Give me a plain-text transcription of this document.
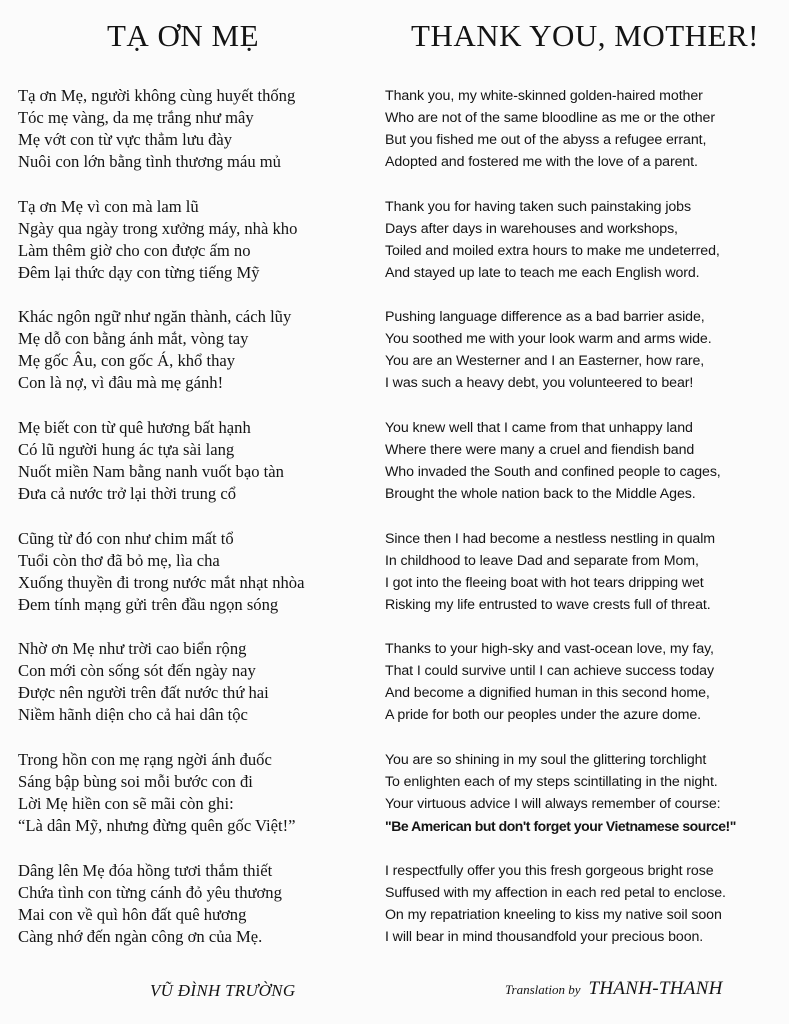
TẠ ƠN MẸ
Tạ ơn Mẹ, người không cùng huyết thống
Tóc mẹ vàng, da mẹ trắng như mây
Mẹ vớt con từ vực thẳm lưu đày
Nuôi con lớn bằng tình thương máu mủ
Tạ ơn Mẹ vì con mà lam lũ
Ngày qua ngày trong xưởng máy, nhà kho
Làm thêm giờ cho con được ấm no
Đêm lại thức dạy con từng tiếng Mỹ
Khác ngôn ngữ như ngăn thành, cách lũy
Mẹ dỗ con bằng ánh mắt, vòng tay
Mẹ gốc Âu, con gốc Á, khổ thay
Con là nợ, vì đâu mà mẹ gánh!
Mẹ biết con từ quê hương bất hạnh
Có lũ người hung ác tựa sài lang
Nuốt miền Nam bằng nanh vuốt bạo tàn
Đưa cả nước trở lại thời trung cổ
Cũng từ đó con như chim mất tổ
Tuổi còn thơ đã bỏ mẹ, lìa cha
Xuống thuyền đi trong nước mắt nhạt nhòa
Đem tính mạng gửi trên đầu ngọn sóng
Nhờ ơn Mẹ như trời cao biển rộng
Con mới còn sống sót đến ngày nay
Được nên người trên đất nước thứ hai
Niềm hãnh diện cho cả hai dân tộc
Trong hồn con mẹ rạng ngời ánh đuốc
Sáng bập bùng soi mỗi bước con đi
Lời Mẹ hiền con sẽ mãi còn ghi:
“Là dân Mỹ, nhưng đừng quên gốc Việt!”
Dâng lên Mẹ đóa hồng tươi thắm thiết
Chứa tình con từng cánh đỏ yêu thương
Mai con về quì hôn đất quê hương
Càng nhớ đến ngàn công ơn của Mẹ.
THANK YOU, MOTHER!
Thank you, my white-skinned golden-haired mother
Who are not of the same bloodline as me or the other
But you fished me out of the abyss a refugee errant,
Adopted and fostered me with the love of a parent.
Thank you for having taken such painstaking jobs
Days after days in warehouses and workshops,
Toiled and moiled extra hours to make me undeterred,
And stayed up late to teach me each English word.
Pushing language difference as a bad barrier aside,
You soothed me with your look warm and arms wide.
You are an Westerner and I an Easterner, how rare,
I was such a heavy debt, you volunteered to bear!
You knew well that I came from that unhappy land
Where there were many a cruel and fiendish band
Who invaded the South and confined people to cages,
Brought the whole nation back to the Middle Ages.
Since then I had become a nestless nestling in qualm
In childhood to leave Dad and separate from Mom,
I got into the fleeing boat with hot tears dripping wet
Risking my life entrusted to wave crests full of threat.
Thanks to your high-sky and vast-ocean love, my fay,
That I could survive until I can achieve success today
And become a dignified human in this second home,
A pride for both our peoples under the azure dome.
You are so shining in my soul the glittering torchlight
To enlighten each of my steps scintillating in the night.
Your virtuous advice I will always remember of course:
"Be American but don't forget your Vietnamese source!"
I respectfully offer you this fresh gorgeous bright rose
Suffused with my affection in each red petal to enclose.
On my repatriation kneeling to kiss my native soil soon
I will bear in mind thousandfold your precious boon.
VŨ ĐÌNH TRƯỜNG	Translation by THANH-THANH
